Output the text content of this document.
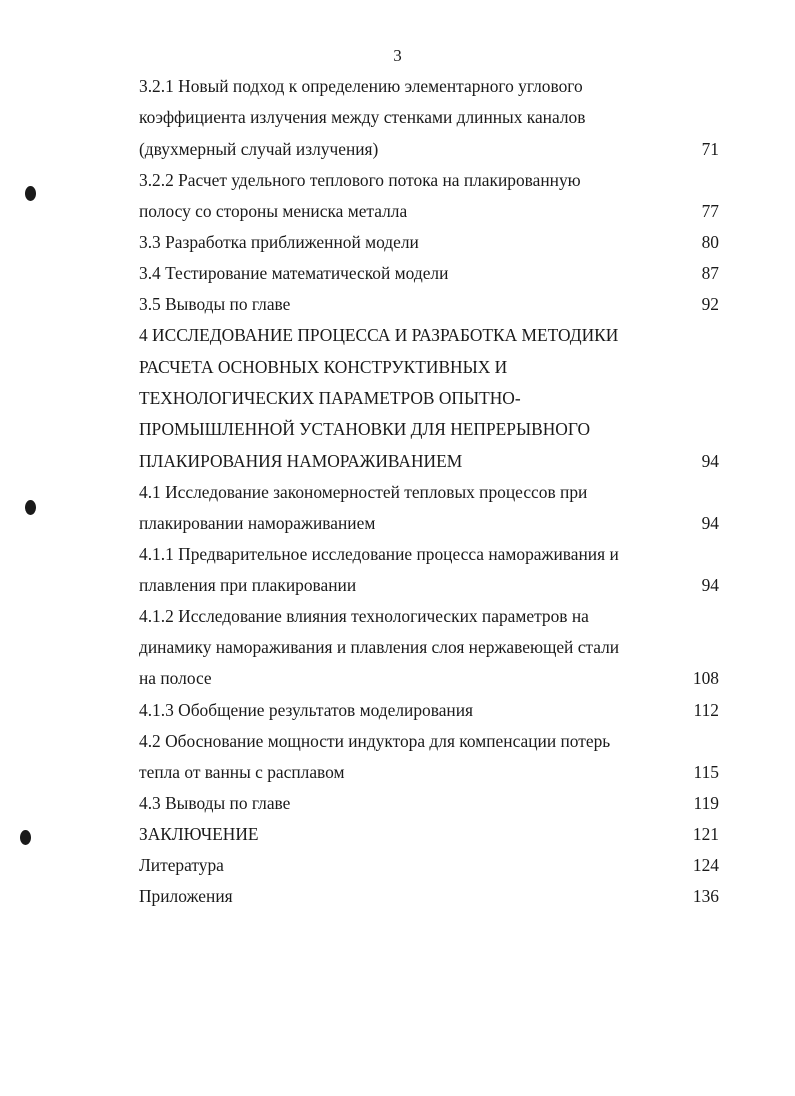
3
3.2.1 Новый подход к определению элементарного углового
коэффициента излучения между стенками длинных каналов
(двухмерный случай излучения)	71
3.2.2 Расчет удельного теплового потока на плакированную
полосу со стороны мениска металла	77
3.3 Разработка приближенной модели	80
3.4 Тестирование математической модели	87
3.5 Выводы по главе	92
4 ИССЛЕДОВАНИЕ ПРОЦЕССА И РАЗРАБОТКА МЕТОДИКИ
РАСЧЕТА ОСНОВНЫХ КОНСТРУКТИВНЫХ И
ТЕХНОЛОГИЧЕСКИХ ПАРАМЕТРОВ ОПЫТНО-
ПРОМЫШЛЕННОЙ УСТАНОВКИ ДЛЯ НЕПРЕРЫВНОГО
ПЛАКИРОВАНИЯ НАМОРАЖИВАНИЕМ	94
4.1 Исследование закономерностей тепловых процессов при
плакировании намораживанием	94
4.1.1 Предварительное исследование процесса намораживания и
плавления при плакировании	94
4.1.2 Исследование влияния технологических параметров на
динамику намораживания и плавления слоя нержавеющей стали
на полосе	108
4.1.3 Обобщение результатов моделирования	112
4.2 Обоснование мощности индуктора для компенсации потерь
тепла от ванны с расплавом	115
4.3 Выводы по главе	119
ЗАКЛЮЧЕНИЕ	121
Литература	124
Приложения	136
